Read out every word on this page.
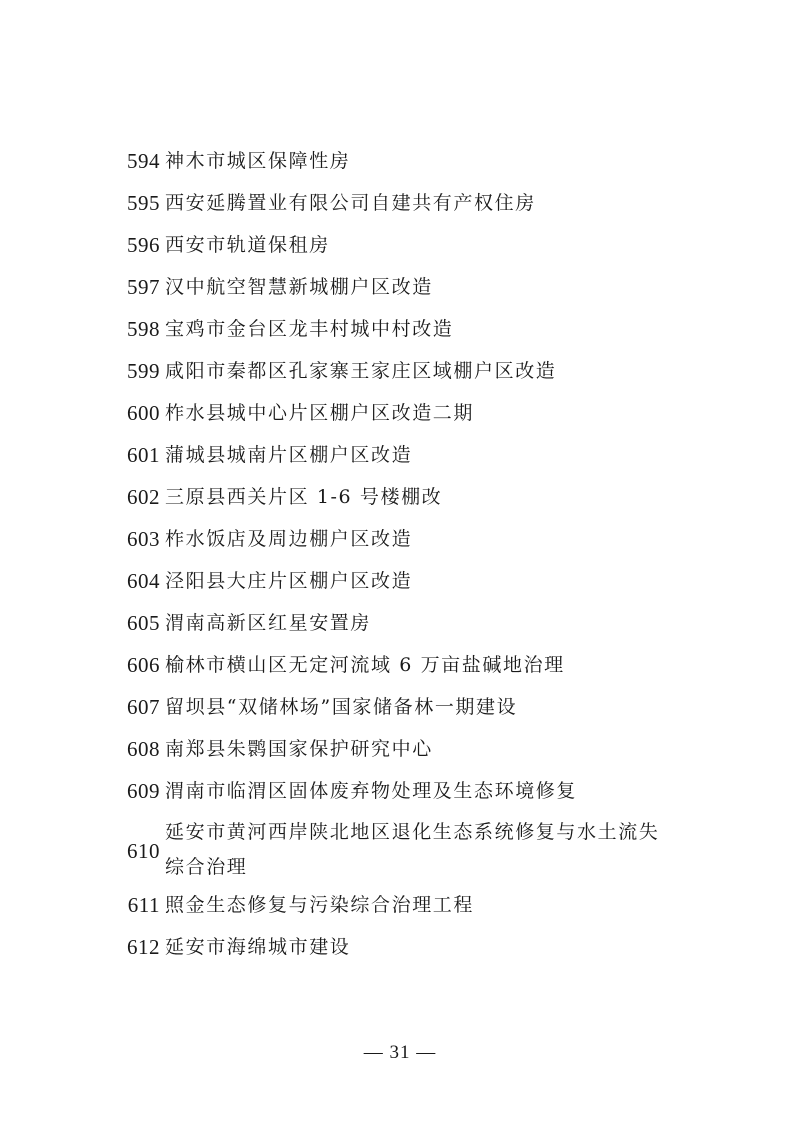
594 神木市城区保障性房
595 西安延腾置业有限公司自建共有产权住房
596 西安市轨道保租房
597 汉中航空智慧新城棚户区改造
598 宝鸡市金台区龙丰村城中村改造
599 咸阳市秦都区孔家寨王家庄区域棚户区改造
600 柞水县城中心片区棚户区改造二期
601 蒲城县城南片区棚户区改造
602 三原县西关片区 1-6 号楼棚改
603 柞水饭店及周边棚户区改造
604 泾阳县大庄片区棚户区改造
605 渭南高新区红星安置房
606 榆林市横山区无定河流域 6 万亩盐碱地治理
607 留坝县“双储林场”国家储备林一期建设
608 南郑县朱鹮国家保护研究中心
609 渭南市临渭区固体废弃物处理及生态环境修复
610
延安市黄河西岸陕北地区退化生态系统修复与水土流失
综合治理
611 照金生态修复与污染综合治理工程
612 延安市海绵城市建设
— 31 —
